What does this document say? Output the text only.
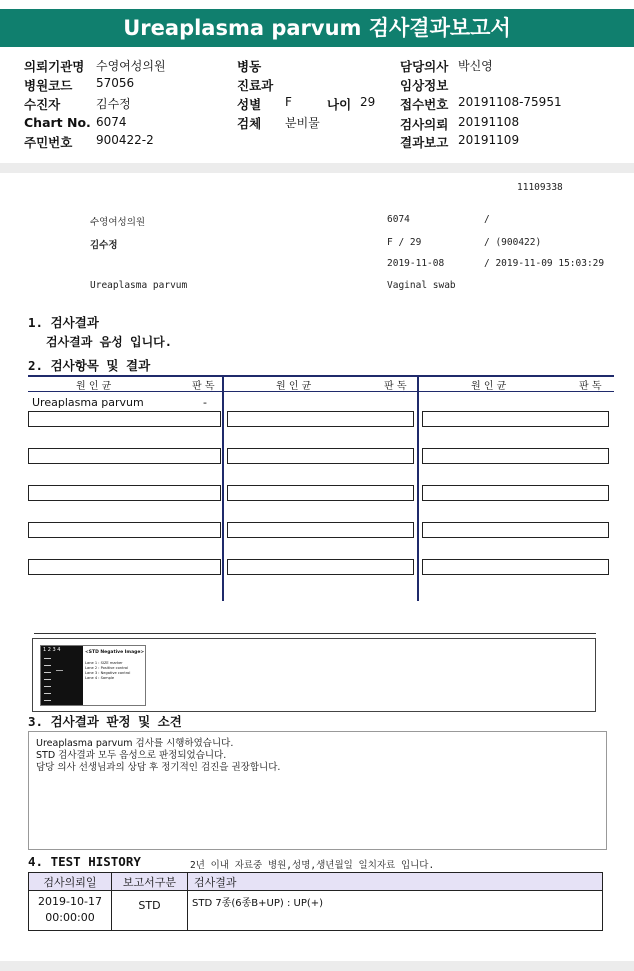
Ureaplasma parvum 검사결과보고서
의뢰기관명 수영여성의원
병원코드 57056
수진자	김수정
Chart No. 6074
주민번호 900422-2
병동
진료과
성별 F	나이 29
검체 분비물
담당의사 박신영
임상정보
접수번호 20191108-75951
검사의뢰 20191108
결과보고 20191109
11109338
수영여성의원	6074	/
김수정	F / 29	/ (900422)
2019-11-08	/ 2019-11-09 15:03:29
Ureaplasma parvum	Vaginal swab
1. 검사결과
검사결과 음성 입니다.
2. 검사항목 및 결과
원 인 균	판 독	원 인 균	판 독	원 인 균	판 독
Ureaplasma parvum	-
1 2 3 4	<STD Negative Image>
Lane 1 : SIZE marker
Lane 2 : Positive control
Lane 3 : Negative control
Lane 4 : Sample
3. 검사결과 판정 및 소견
Ureaplasma parvum 검사를 시행하였습니다.
STD 검사결과 모두 음성으로 판정되었습니다.
담당 의사 선생님과의 상담 후 정기적인 검진을 권장합니다.
4. TEST HISTORY	2년 이내 자료중 병원,성명,생년월일 일치자료 입니다.
검사의뢰일	보고서구분	검사결과

2019-10-17
00:00:00	STD	STD 7종(6종B+UP) : UP(+)
